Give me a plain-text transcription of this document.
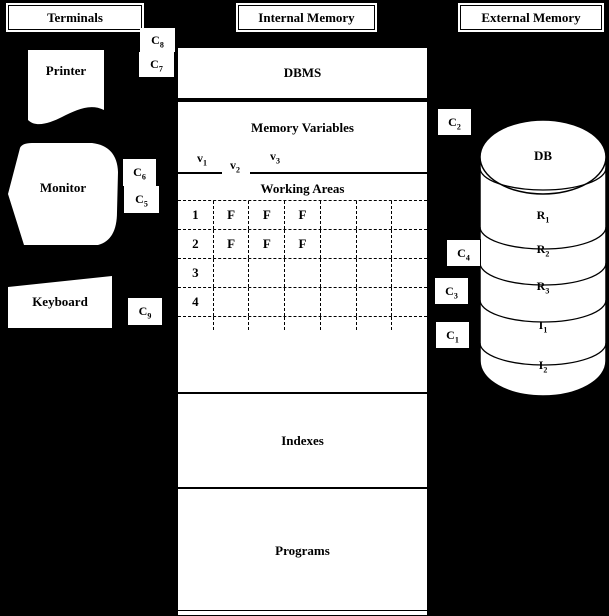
Terminals	Internal Memory	External Memory
Printer
Monitor
Keyboard
$C_8$
$C_7$
$C_6$
$C_5$
$C_9$
$C_2$
$C_4$
$C_3$
$C_1$
DBMS
Memory Variables
$v_1$ $v_2$
$v_3$
Working Areas
1	F	F	F
2	F	F	F
3
4
Indexes
Programs
DB
$R_1$
$R_2$
$R_3$
$I_1$
$I_2$
